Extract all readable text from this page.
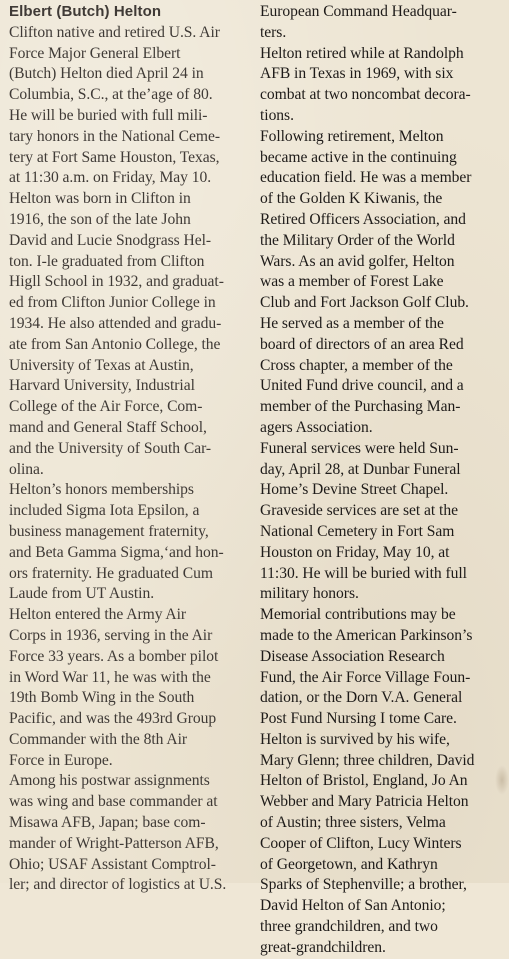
Elbert (Butch) Helton
Clifton native and retired U.S. Air
Force Major General Elbert
(Butch) Helton died April 24 in
Columbia, S.C., at the’age of 80.
He will be buried with full mili-
tary honors in the National Ceme-
tery at Fort Same Houston, Texas,
at 11:30 a.m. on Friday, May 10.
Helton was born in Clifton in
1916, the son of the late John
David and Lucie Snodgrass Hel-
ton. I-le graduated from Clifton
Higll School in 1932, and graduat-
ed from Clifton Junior College in
1934. He also attended and gradu-
ate from San Antonio College, the
University of Texas at Austin,
Harvard University, Industrial
College of the Air Force, Com-
mand and General Staff School,
and the University of South Car-
olina.
Helton’s honors memberships
included Sigma Iota Epsilon, a
business management fraternity,
and Beta Gamma Sigma,‘and hon-
ors fraternity. He graduated Cum
Laude from UT Austin.
Helton entered the Army Air
Corps in 1936, serving in the Air
Force 33 years. As a bomber pilot
in Word War 11, he was with the
19th Bomb Wing in the South
Pacific, and was the 493rd Group
Commander with the 8th Air
Force in Europe.
Among his postwar assignments
was wing and base commander at
Misawa AFB, Japan; base com-
mander of Wright-Patterson AFB,
Ohio; USAF Assistant Comptrol-
ler; and director of logistics at U.S.
European Command Headquar-
ters.
Helton retired while at Randolph
AFB in Texas in 1969, with six
combat at two noncombat decora-
tions.
Following retirement, Melton
became active in the continuing
education field. He was a member
of the Golden K Kiwanis, the
Retired Officers Association, and
the Military Order of the World
Wars. As an avid golfer, Helton
was a member of Forest Lake
Club and Fort Jackson Golf Club.
He served as a member of the
board of directors of an area Red
Cross chapter, a member of the
United Fund drive council, and a
member of the Purchasing Man-
agers Association.
Funeral services were held Sun-
day, April 28, at Dunbar Funeral
Home’s Devine Street Chapel.
Graveside services are set at the
National Cemetery in Fort Sam
Houston on Friday, May 10, at
11:30. He will be buried with full
military honors.
Memorial contributions may be
made to the American Parkinson’s
Disease Association Research
Fund, the Air Force Village Foun-
dation, or the Dorn V.A. General
Post Fund Nursing I tome Care.
Helton is survived by his wife,
Mary Glenn; three children, David
Helton of Bristol, England, Jo An
Webber and Mary Patricia Helton
of Austin; three sisters, Velma
Cooper of Clifton, Lucy Winters
of Georgetown, and Kathryn
Sparks of Stephenville; a brother,
David Helton of San Antonio;
three grandchildren, and two
great-grandchildren.
